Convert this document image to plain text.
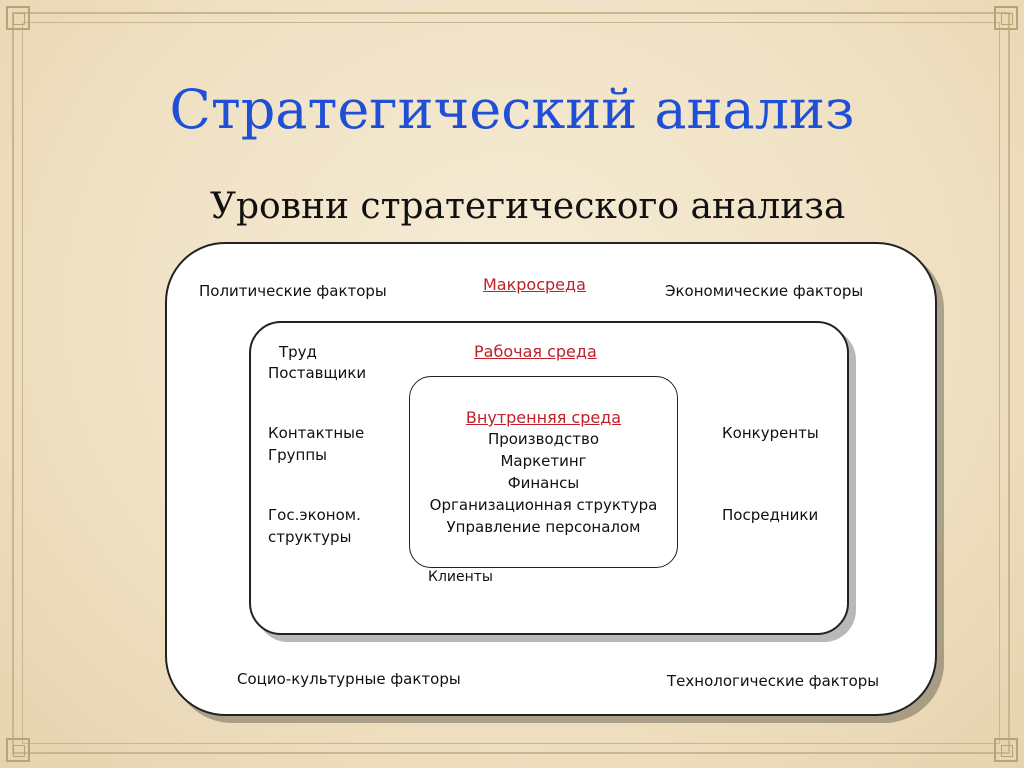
Стратегический анализ
Уровни стратегического анализа
Макросреда
Политические факторы	Экономические факторы
Социо-культурные факторы	Технологические факторы
Рабочая среда
Труд
Поставщики
Контактные
Группы
Гос.эконом.
структуры
Конкуренты
Посредники
Клиенты
Внутренняя среда
Производство
Маркетинг
Финансы
Организационная структура
Управление персоналом
